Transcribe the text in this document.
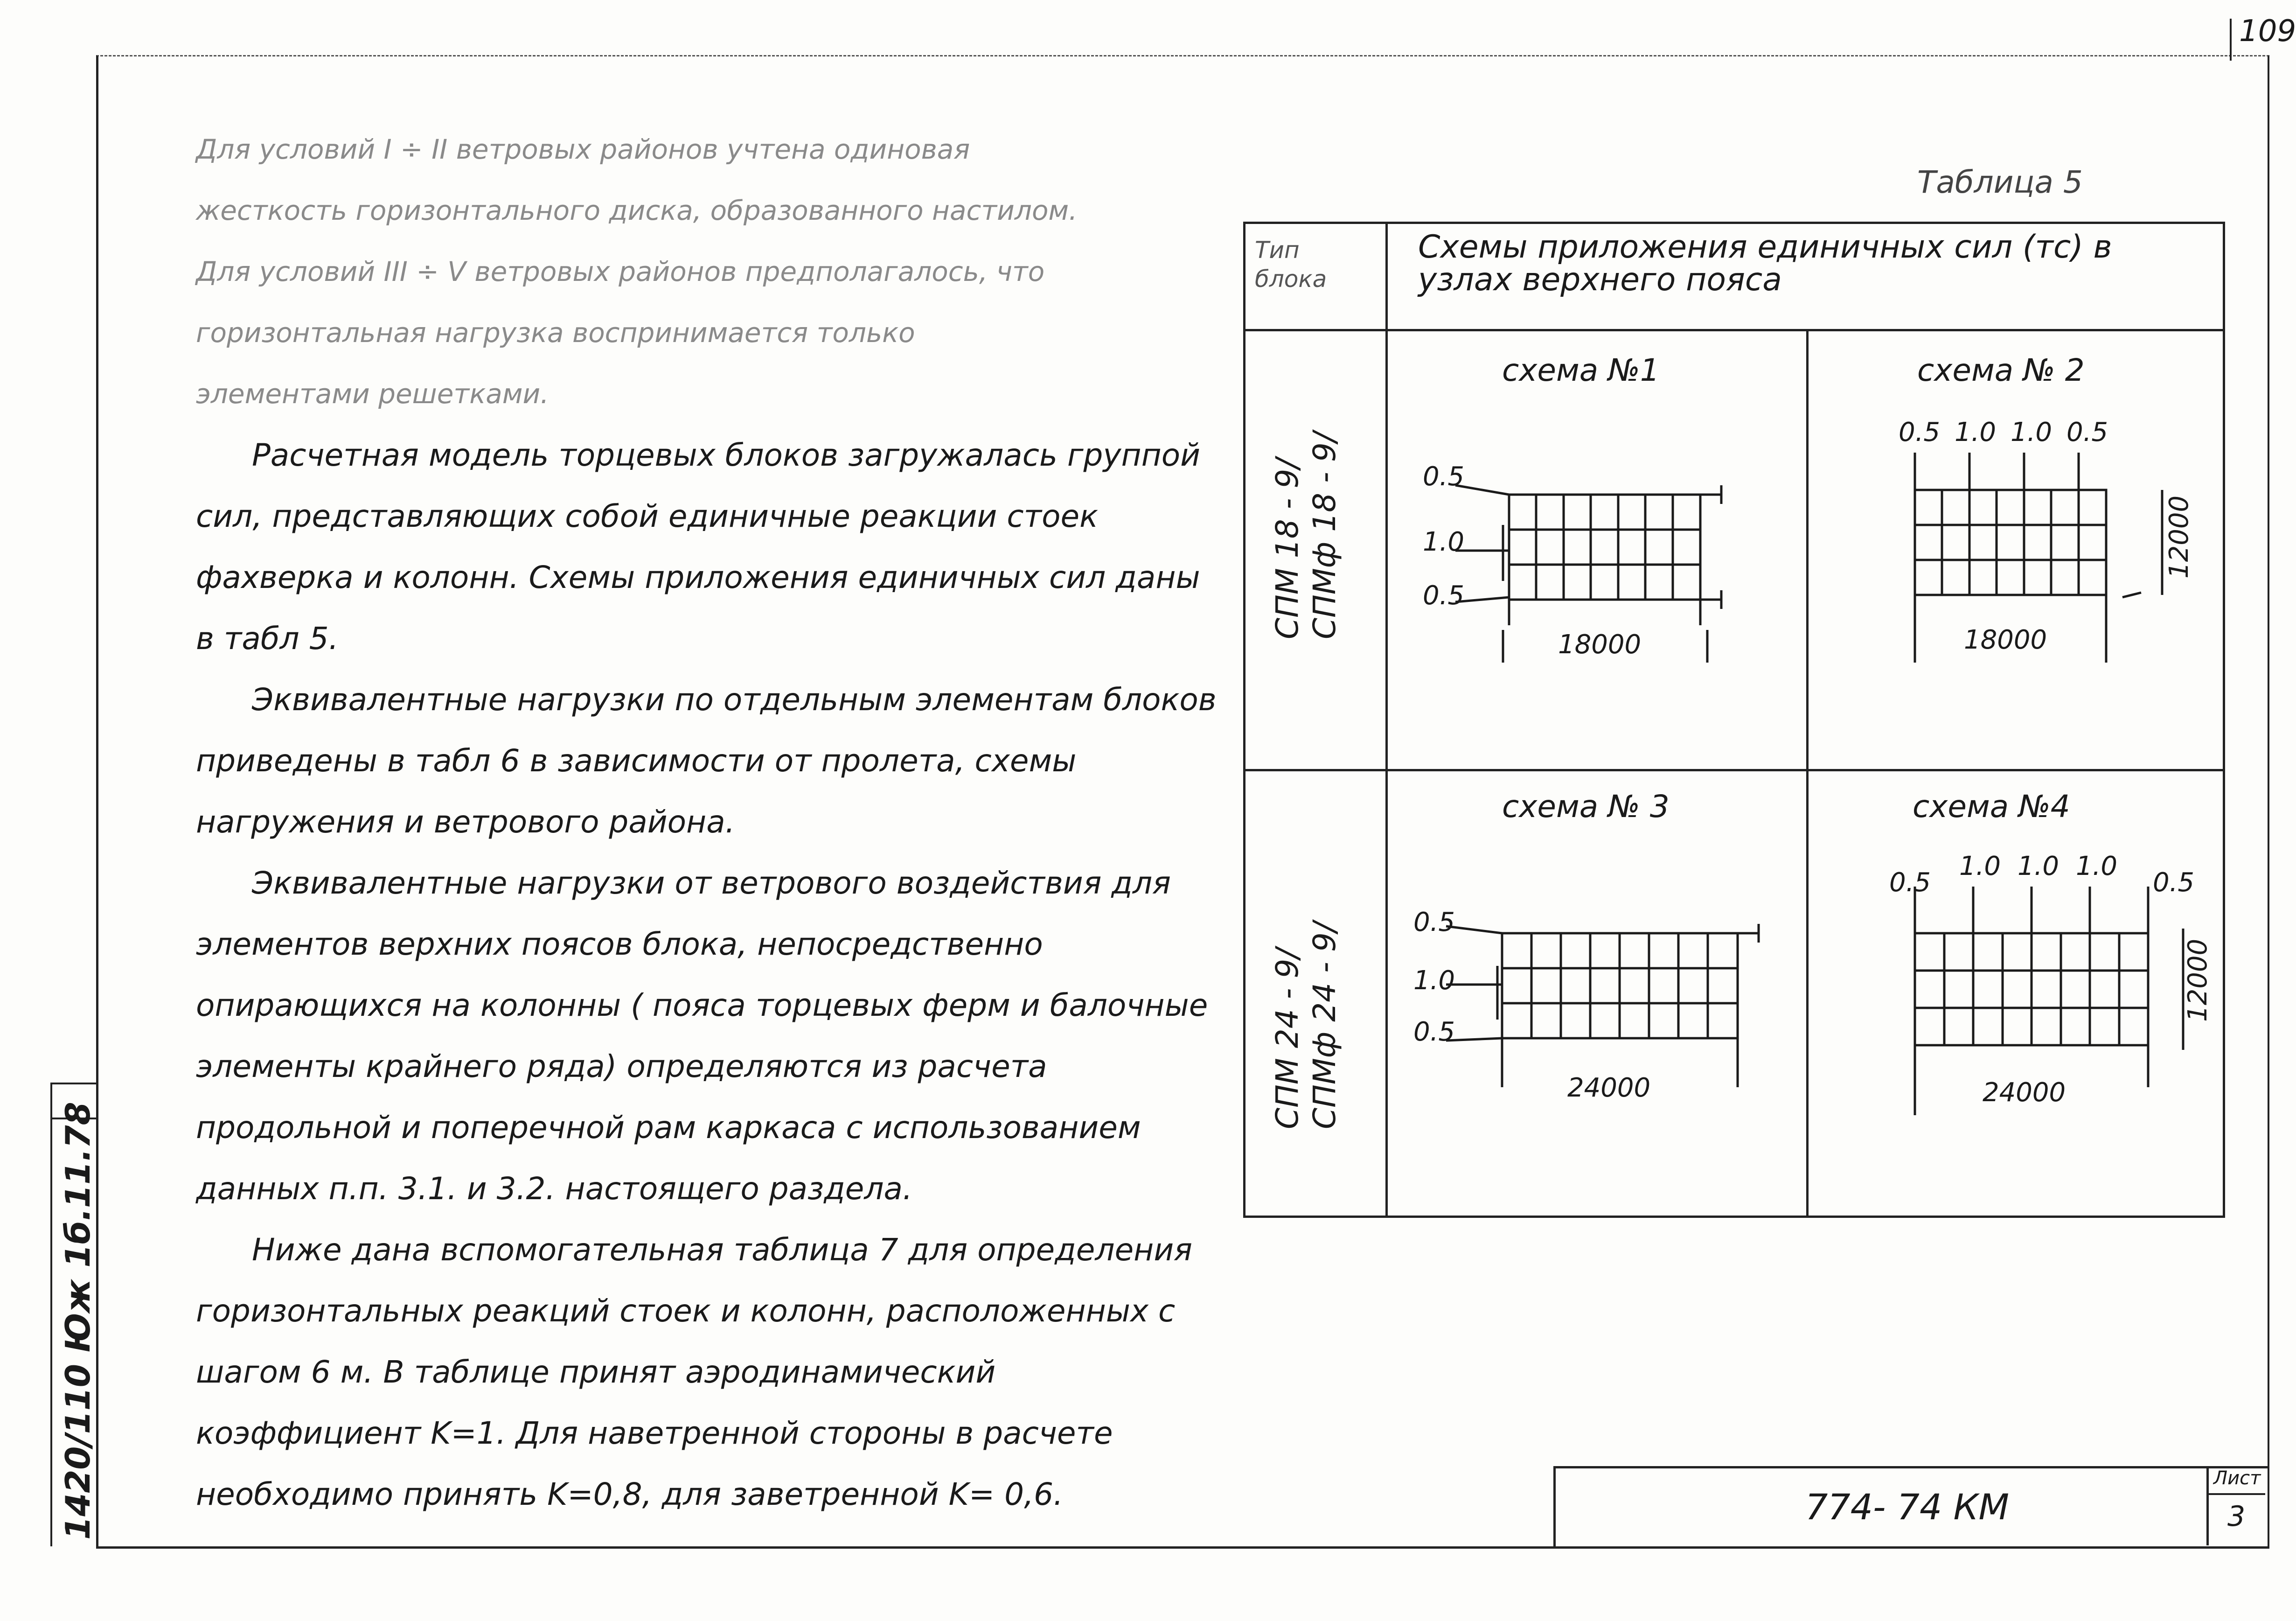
109

Для условий I ÷ II ветровых районов учтена одиновая

жесткость горизонтального диска, образованного настилом.

Для условий III ÷ V ветровых районов предполагалось, что

горизонтальная нагрузка воспринимается только

элементами решетками.

Расчетная модель торцевых блоков загружалась группой сил, представляющих собой единичные реакции стоек фахверка и колонн. Схемы приложения единичных сил даны в табл 5.

Эквивалентные нагрузки по отдельным элементам блоков приведены в табл 6 в зависимости от пролета, схемы нагружения и ветрового района.

Эквивалентные нагрузки от ветрового воздействия для элементов верхних поясов блока, непосредственно опирающихся на колонны ( пояса торцевых ферм и балочные элементы крайнего ряда) определяются из расчета продольной и поперечной рам каркаса с использованием данных п.п. 3.1. и 3.2. настоящего раздела.

Ниже дана вспомогательная таблица 7 для определения горизонтальных реакций стоек и колонн, расположенных с шагом 6 м. В таблице принят аэродинамический коэффициент K=1. Для наветренной стороны в расчете необходимо принять K=0,8, для заветренной K= 0,6.

Таблица 5
Тип блока
Схемы приложения единичных сил (тс) в узлах верхнего пояса
СПМ 18 - 9/ СПМф 18 - 9/
СПМ 24 - 9/ СПМф 24 - 9/
схема №1	схема № 2
схема № 3	схема №4
0.5
1.0
0.5
18000
0.5 1.0 1.0 0.5
18000
12000
0.5
1.0
0.5
24000
0.5
1.0 1.0 1.0
0.5
24000
12000
774- 74 КМ
Лист
3
1420/110 Юж 1б.11.78
